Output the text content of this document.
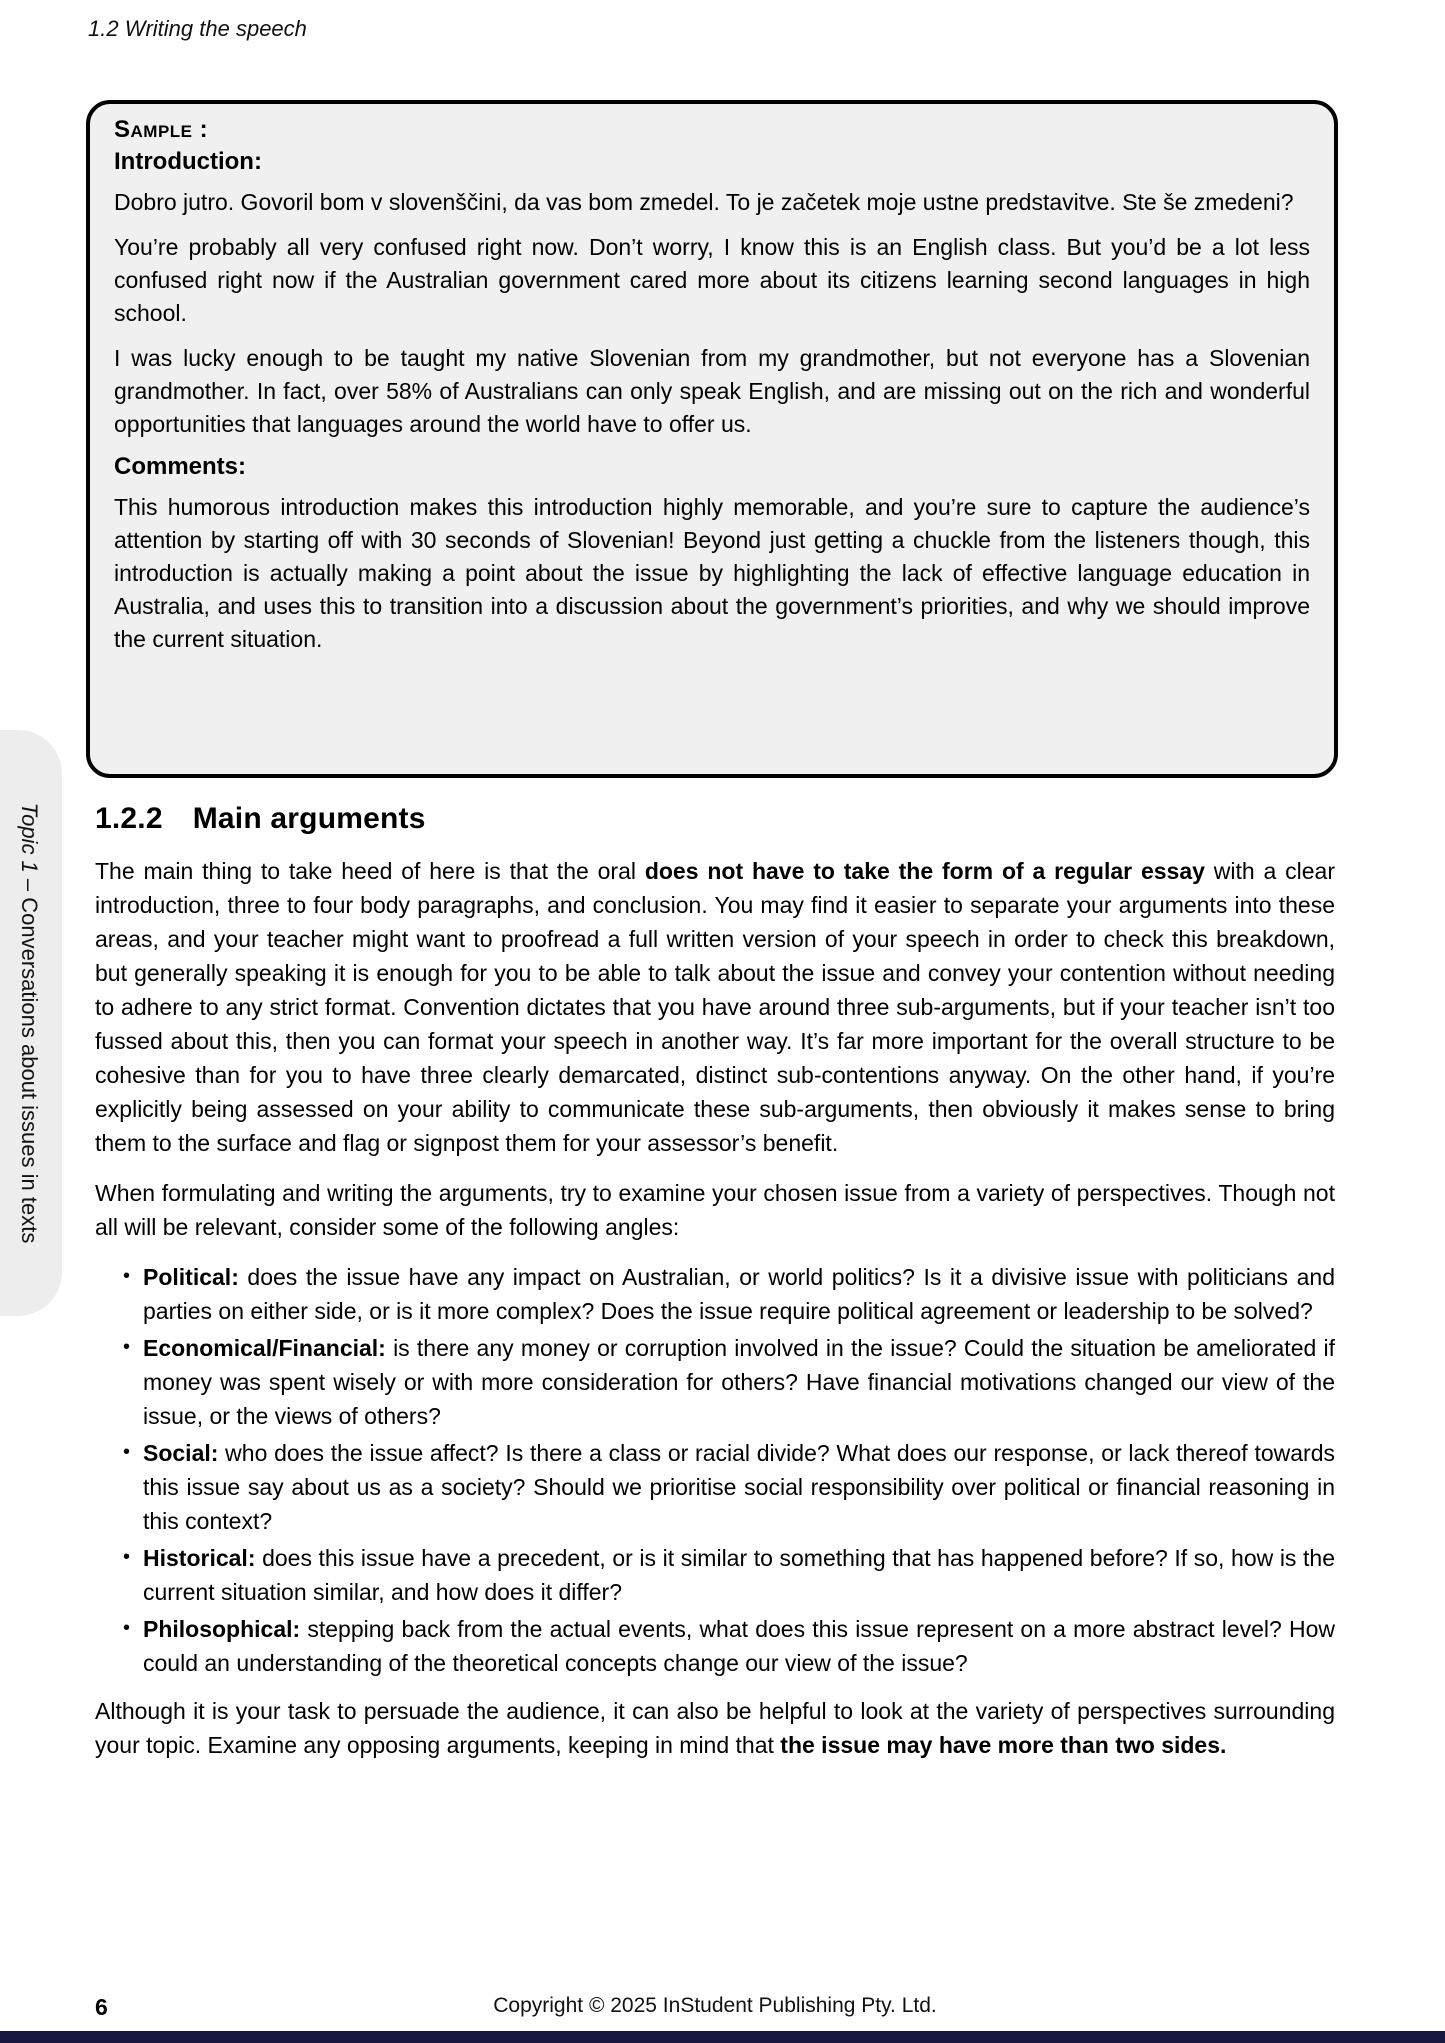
1.2 Writing the speech
Sample :
Introduction:
Dobro jutro. Govoril bom v slovenščini, da vas bom zmedel. To je začetek moje ustne predstavitve. Ste še zmedeni?
You’re probably all very confused right now. Don’t worry, I know this is an English class. But you’d be a lot less confused right now if the Australian government cared more about its citizens learning second languages in high school.
I was lucky enough to be taught my native Slovenian from my grandmother, but not everyone has a Slovenian grandmother. In fact, over 58% of Australians can only speak English, and are missing out on the rich and wonderful opportunities that languages around the world have to offer us.
Comments:
This humorous introduction makes this introduction highly memorable, and you’re sure to capture the audience’s attention by starting off with 30 seconds of Slovenian! Beyond just getting a chuckle from the listeners though, this introduction is actually making a point about the issue by highlighting the lack of effective language education in Australia, and uses this to transition into a discussion about the government’s priorities, and why we should improve the current situation.
1.2.2 Main arguments
The main thing to take heed of here is that the oral does not have to take the form of a regular essay with a clear introduction, three to four body paragraphs, and conclusion. You may find it easier to separate your arguments into these areas, and your teacher might want to proofread a full written version of your speech in order to check this breakdown, but generally speaking it is enough for you to be able to talk about the issue and convey your contention without needing to adhere to any strict format. Convention dictates that you have around three sub-arguments, but if your teacher isn’t too fussed about this, then you can format your speech in another way. It’s far more important for the overall structure to be cohesive than for you to have three clearly demarcated, distinct sub-contentions anyway. On the other hand, if you’re explicitly being assessed on your ability to communicate these sub-arguments, then obviously it makes sense to bring them to the surface and flag or signpost them for your assessor’s benefit.
When formulating and writing the arguments, try to examine your chosen issue from a variety of perspectives. Though not all will be relevant, consider some of the following angles:
• Political: does the issue have any impact on Australian, or world politics? Is it a divisive issue with politicians and parties on either side, or is it more complex? Does the issue require political agreement or leadership to be solved?
• Economical/Financial: is there any money or corruption involved in the issue? Could the situation be ameliorated if money was spent wisely or with more consideration for others? Have financial motivations changed our view of the issue, or the views of others?
• Social: who does the issue affect? Is there a class or racial divide? What does our response, or lack thereof towards this issue say about us as a society? Should we prioritise social responsibility over political or financial reasoning in this context?
• Historical: does this issue have a precedent, or is it similar to something that has happened before? If so, how is the current situation similar, and how does it differ?
• Philosophical: stepping back from the actual events, what does this issue represent on a more abstract level? How could an understanding of the theoretical concepts change our view of the issue?
Although it is your task to persuade the audience, it can also be helpful to look at the variety of perspectives surrounding your topic. Examine any opposing arguments, keeping in mind that the issue may have more than two sides.
Topic 1 – Conversations about issues in texts
6	Copyright © 2025 InStudent Publishing Pty. Ltd.
